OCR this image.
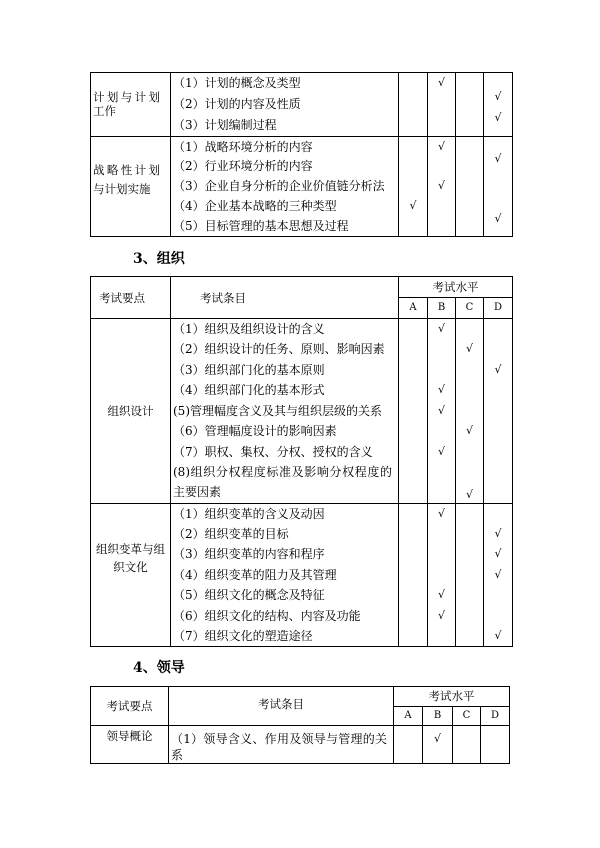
计划与计划
工作	（1）计划的概念及类型		√		

	（2）计划的内容及性质				√

	（3）计划编制过程				√

战略性计划
与计划实施	（1）战略环境分析的内容		√		

	（2）行业环境分析的内容				√

	（3）企业自身分析的企业价值链分析法		√		

	（4）企业基本战略的三种类型	√			

	（5）目标管理的基本思想及过程				√
3、组织
考试要点	考试条目	考试水平			
		A	B	C	D

组织设计	（1）组织及组织设计的含义		√		

	（2）组织设计的任务、原则、影响因素			√	

	（3）组织部门化的基本原则				√

	（4）组织部门化的基本形式		√		

	(5)管理幅度含义及其与组织层级的关系		√		

	（6）管理幅度设计的影响因素			√	

	（7）职权、集权、分权、授权的含义		√		

	(8)组织分权程度标准及影响分权程度的
主要因素			√	

组织变革与组
织文化	（1）组织变革的含义及动因		√		

	（2）组织变革的目标				√

	（3）组织变革的内容和程序				√

	（4）组织变革的阻力及其管理				√

	（5）组织文化的概念及特征		√		

	（6）组织文化的结构、内容及功能		√		

	（7）组织文化的塑造途径				√
4、领导
考试要点	考试条目	考试水平			
		A	B	C	D

领导概论	（1）领导含义、作用及领导与管理的关
系		√		
